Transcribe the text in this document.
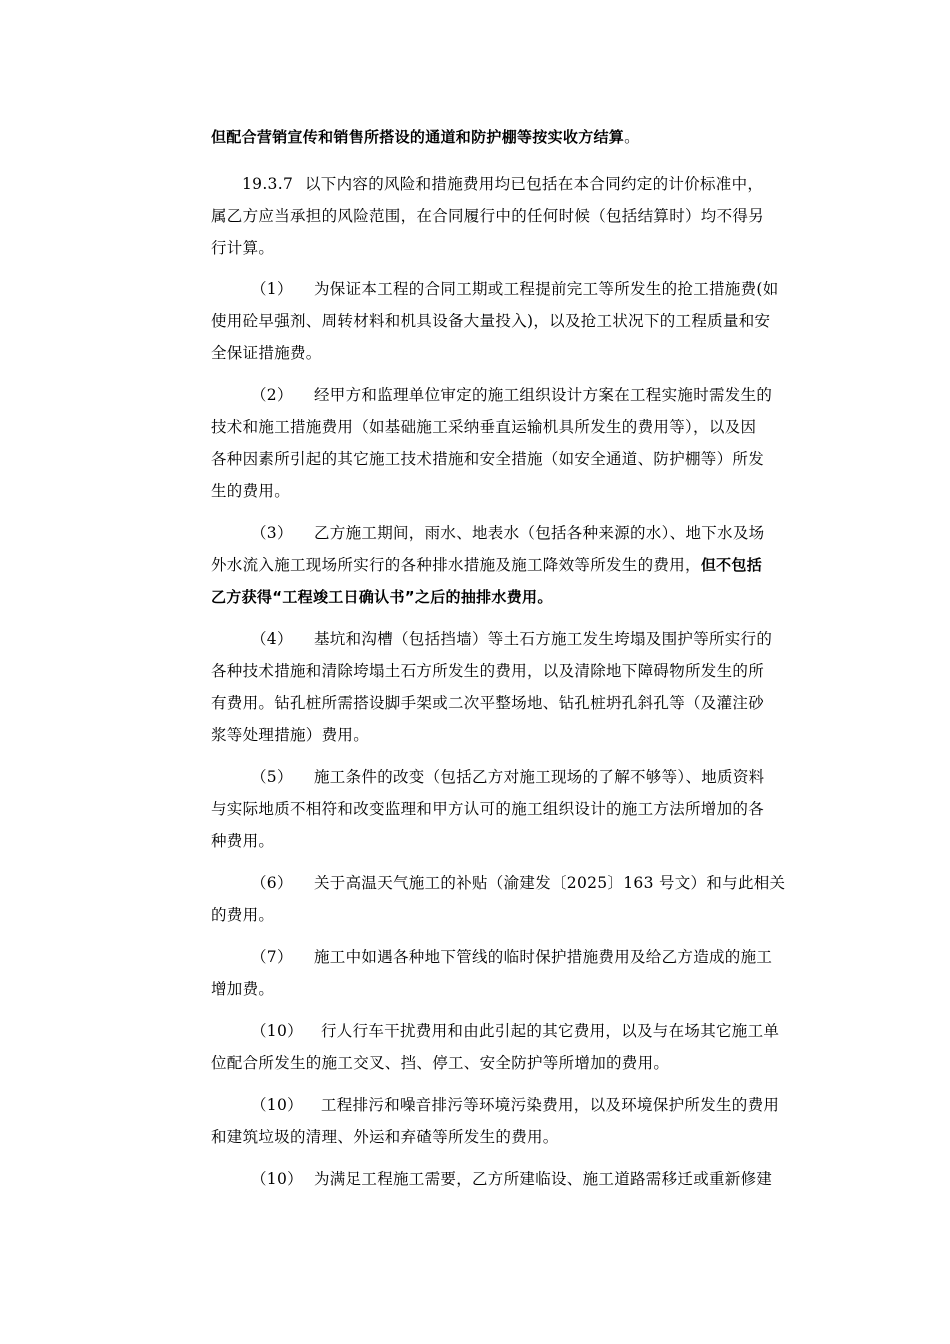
但配合营销宣传和销售所搭设的通道和防护棚等按实收方结算。

19.3.7 以下内容的风险和措施费用均已包括在本合同约定的计价标准中，
属乙方应当承担的风险范围，在合同履行中的任何时候（包括结算时）均不得另
行计算。

（1） 为保证本工程的合同工期或工程提前完工等所发生的抢工措施费(如
使用砼早强剂、周转材料和机具设备大量投入)，以及抢工状况下的工程质量和安
全保证措施费。

（2） 经甲方和监理单位审定的施工组织设计方案在工程实施时需发生的
技术和施工措施费用（如基础施工采纳垂直运输机具所发生的费用等），以及因
各种因素所引起的其它施工技术措施和安全措施（如安全通道、防护棚等）所发
生的费用。

（3） 乙方施工期间，雨水、地表水（包括各种来源的水）、地下水及场
外水流入施工现场所实行的各种排水措施及施工降效等所发生的费用，但不包括
乙方获得“工程竣工日确认书”之后的抽排水费用。

（4） 基坑和沟槽（包括挡墙）等土石方施工发生垮塌及围护等所实行的
各种技术措施和清除垮塌土石方所发生的费用，以及清除地下障碍物所发生的所
有费用。钻孔桩所需搭设脚手架或二次平整场地、钻孔桩坍孔斜孔等（及灌注砂
浆等处理措施）费用。

（5） 施工条件的改变（包括乙方对施工现场的了解不够等）、地质资料
与实际地质不相符和改变监理和甲方认可的施工组织设计的施工方法所增加的各
种费用。

（6） 关于高温天气施工的补贴（渝建发〔2025〕163 号文）和与此相关
的费用。

（7） 施工中如遇各种地下管线的临时保护措施费用及给乙方造成的施工
增加费。

（10） 行人行车干扰费用和由此引起的其它费用，以及与在场其它施工单
位配合所发生的施工交叉、挡、停工、安全防护等所增加的费用。

（10） 工程排污和噪音排污等环境污染费用，以及环境保护所发生的费用
和建筑垃圾的清理、外运和弃碴等所发生的费用。

（10） 为满足工程施工需要，乙方所建临设、施工道路需移迁或重新修建
